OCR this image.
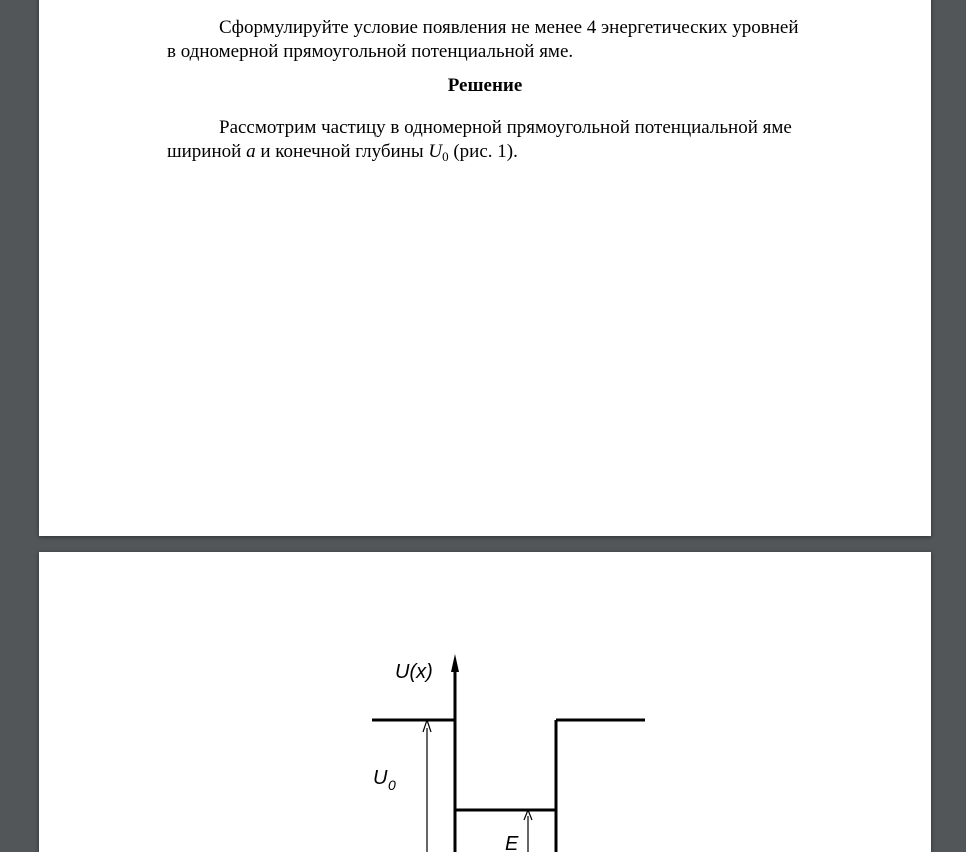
Сформулируйте условие появления не менее 4 энергетических уровней
в одномерной прямоугольной потенциальной яме.
Решение
Рассмотрим частицу в одномерной прямоугольной потенциальной яме
шириной a и конечной глубины $U_0$ (рис. 1).
U(x)
U 0
E
